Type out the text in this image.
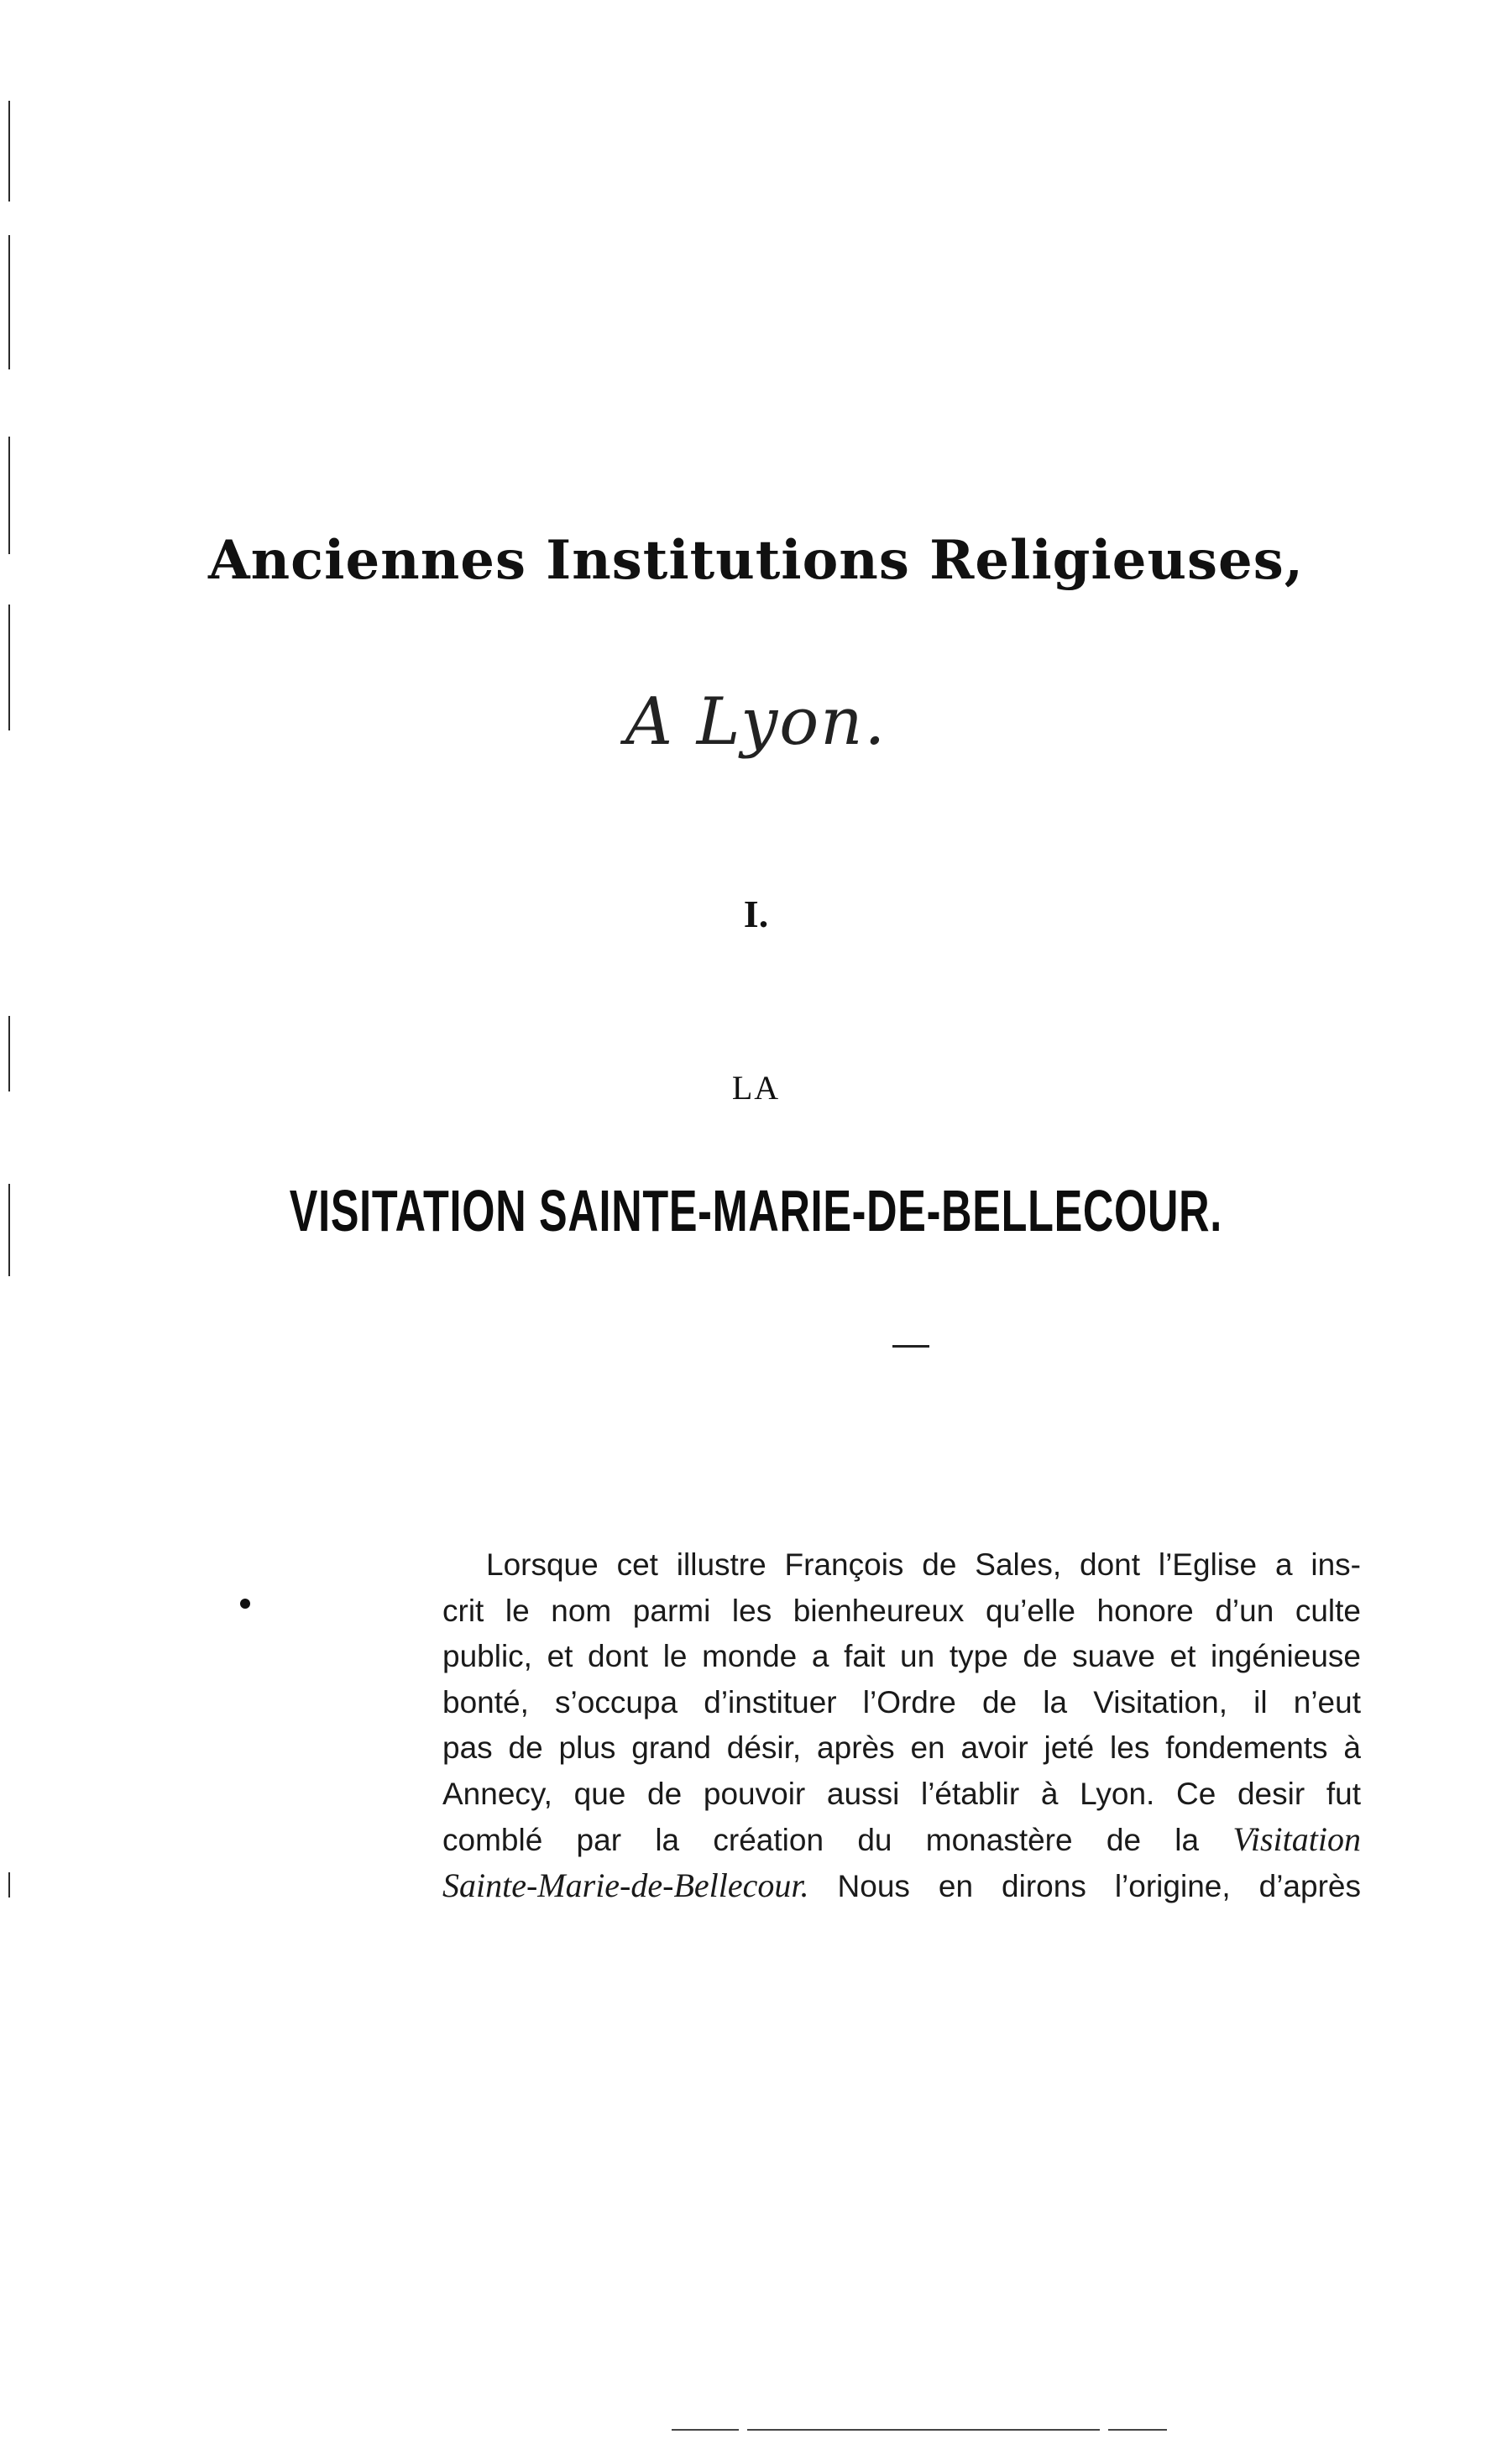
Anciennes Institutions Religieuses,
A Lyon.
I.
LA
VISITATION SAINTE-MARIE-DE-BELLECOUR.
Lorsque cet illustre François de Sales, dont l’Eglise a ins-
crit le nom parmi les bienheureux qu’elle honore d’un culte
public, et dont le monde a fait un type de suave et ingénieuse
bonté, s’occupa d’instituer l’Ordre de la Visitation, il n’eut
pas de plus grand désir, après en avoir jeté les fondements à
Annecy, que de pouvoir aussi l’établir à Lyon. Ce desir fut
comblé par la création du monastère de la Visitation
Sainte-Marie-de-Bellecour. Nous en dirons l’origine, d’après
